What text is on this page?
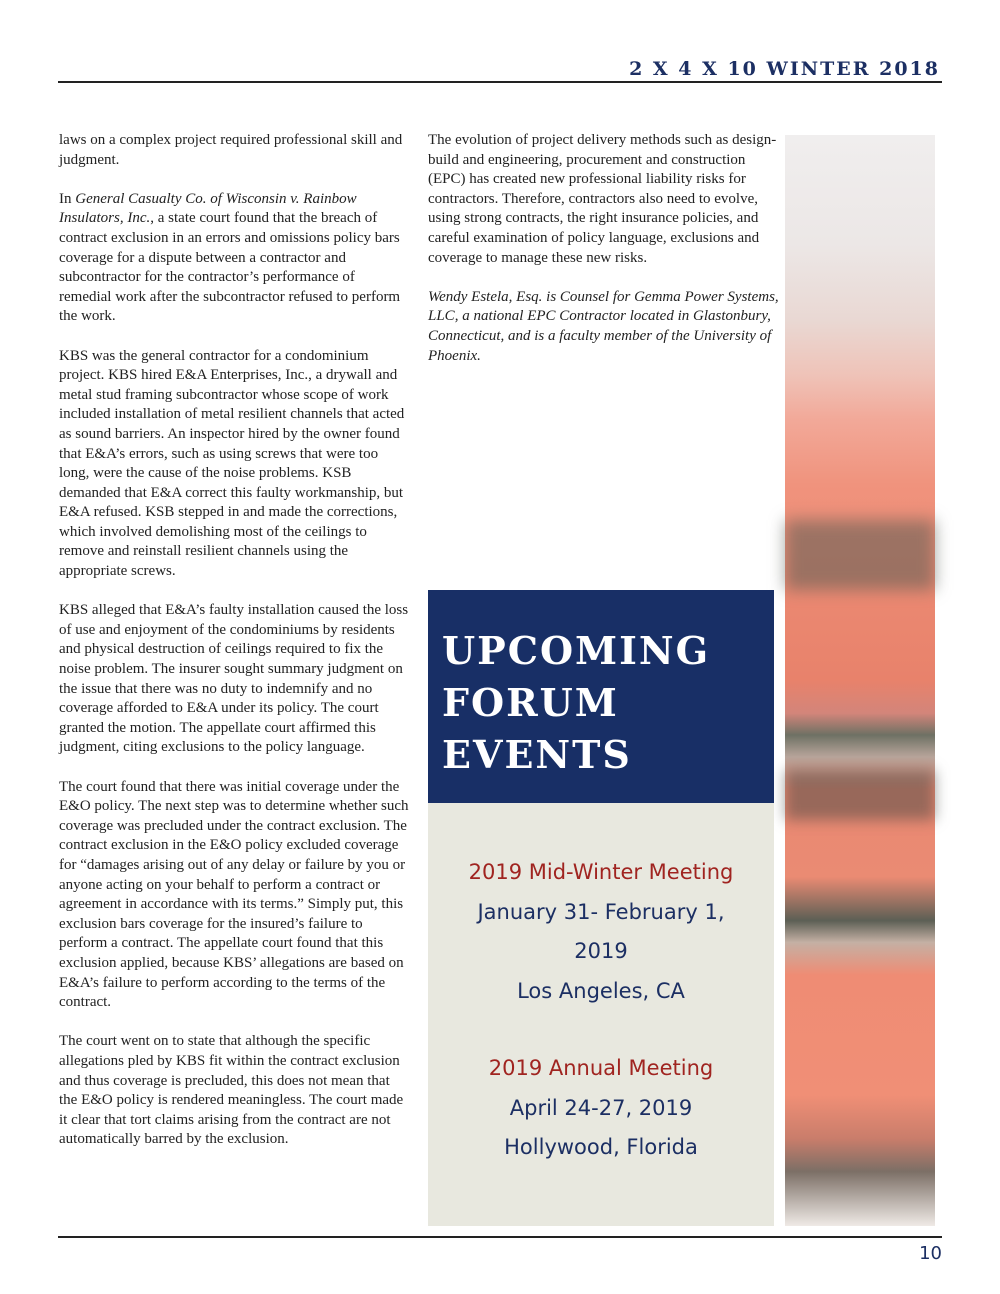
2 X 4 X 10 WINTER 2018

laws on a complex project required professional skill and judgment.

In General Casualty Co. of Wisconsin v. Rainbow Insulators, Inc., a state court found that the breach of contract exclusion in an errors and omissions policy bars coverage for a dispute between a contractor and subcontractor for the contractor’s performance of remedial work after the subcontractor refused to perform the work.

KBS was the general contractor for a condominium project. KBS hired E&A Enterprises, Inc., a drywall and metal stud framing subcontractor whose scope of work included installation of metal resilient channels that acted as sound barriers. An inspector hired by the owner found that E&A’s errors, such as using screws that were too long, were the cause of the noise problems. KSB demanded that E&A correct this faulty workmanship, but E&A refused. KSB stepped in and made the corrections, which involved demolishing most of the ceilings to remove and reinstall resilient channels using the appropriate screws.

KBS alleged that E&A’s faulty installation caused the loss of use and enjoyment of the condominiums by residents and physical destruction of ceilings required to fix the noise problem. The insurer sought summary judgment on the issue that there was no duty to indemnify and no coverage afforded to E&A under its policy. The court granted the motion. The appellate court affirmed this judgment, citing exclusions to the policy language.

The court found that there was initial coverage under the E&O policy. The next step was to determine whether such coverage was precluded under the contract exclusion. The contract exclusion in the E&O policy excluded coverage for “damages arising out of any delay or failure by you or anyone acting on your behalf to perform a contract or agreement in accordance with its terms.” Simply put, this exclusion bars coverage for the insured’s failure to perform a contract. The appellate court found that this exclusion applied, because KBS’ allegations are based on E&A’s failure to perform according to the terms of the contract.

The court went on to state that although the specific allegations pled by KBS fit within the contract exclusion and thus coverage is precluded, this does not mean that the E&O policy is rendered meaningless. The court made it clear that tort claims arising from the contract are not automatically barred by the exclusion.

The evolution of project delivery methods such as design-build and engineering, procurement and construction (EPC) has created new professional liability risks for contractors. Therefore, contractors also need to evolve, using strong contracts, the right insurance policies, and careful examination of policy language, exclusions and coverage to manage these new risks.

Wendy Estela, Esq. is Counsel for Gemma Power Systems, LLC, a national EPC Contractor located in Glastonbury, Connecticut, and is a faculty member of the University of Phoenix.

UPCOMING
FORUM
EVENTS
2019 Mid-Winter Meeting
January 31- February 1,
2019
Los Angeles, CA
2019 Annual Meeting
April 24-27, 2019
Hollywood, Florida
10
